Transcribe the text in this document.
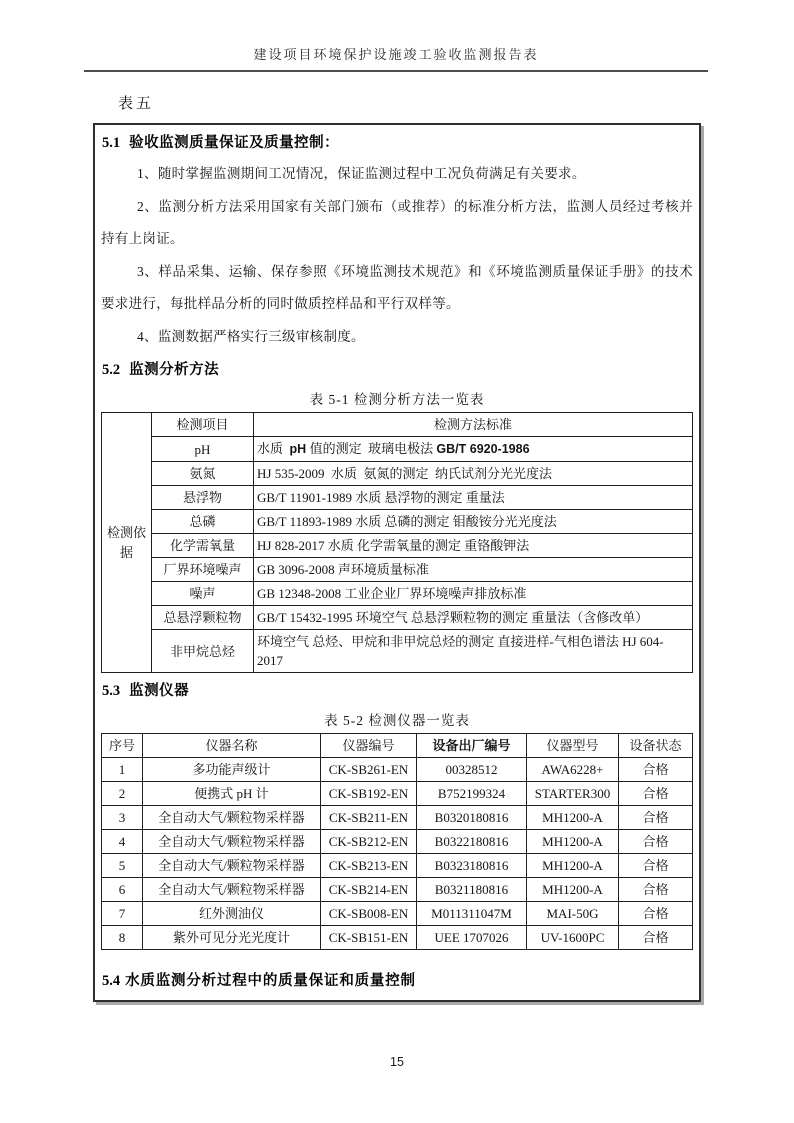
建设项目环境保护设施竣工验收监测报告表
表五
5.1 验收监测质量保证及质量控制：

1、随时掌握监测期间工况情况，保证监测过程中工况负荷满足有关要求。

2、监测分析方法采用国家有关部门颁布（或推荐）的标准分析方法，监测人员经过考核并持有上岗证。

3、样品采集、运输、保存参照《环境监测技术规范》和《环境监测质量保证手册》的技术要求进行，每批样品分析的同时做质控样品和平行双样等。

4、监测数据严格实行三级审核制度。

5.2 监测分析方法
表 5-1 检测分析方法一览表
检测依据	检测项目	检测方法标准
	pH	水质  pH 值的测定  玻璃电极法 GB/T 6920-1986
	氨氮	HJ 535-2009  水质  氨氮的测定  纳氏试剂分光光度法
	悬浮物	GB/T 11901-1989 水质 悬浮物的测定 重量法
	总磷	GB/T 11893-1989 水质 总磷的测定 钼酸铵分光光度法
	化学需氧量	HJ 828-2017 水质 化学需氧量的测定 重铬酸钾法
	厂界环境噪声	GB 3096-2008 声环境质量标准
	噪声	GB 12348-2008 工业企业厂界环境噪声排放标准
	总悬浮颗粒物	GB/T 15432-1995 环境空气 总悬浮颗粒物的测定 重量法（含修改单）
	非甲烷总烃	环境空气 总烃、甲烷和非甲烷总烃的测定 直接进样-气相色谱法 HJ 604-2017
5.3 监测仪器
表 5-2 检测仪器一览表
序号	仪器名称	仪器编号	设备出厂编号	仪器型号	设备状态
1	多功能声级计	CK-SB261-EN	00328512	AWA6228+	合格
2	便携式 pH 计	CK-SB192-EN	B752199324	STARTER300	合格
3	全自动大气/颗粒物采样器	CK-SB211-EN	B0320180816	MH1200-A	合格
4	全自动大气/颗粒物采样器	CK-SB212-EN	B0322180816	MH1200-A	合格
5	全自动大气/颗粒物采样器	CK-SB213-EN	B0323180816	MH1200-A	合格
6	全自动大气/颗粒物采样器	CK-SB214-EN	B0321180816	MH1200-A	合格
7	红外测油仪	CK-SB008-EN	M011311047M	MAI-50G	合格
8	紫外可见分光光度计	CK-SB151-EN	UEE 1707026	UV-1600PC	合格
5.4 水质监测分析过程中的质量保证和质量控制
15
